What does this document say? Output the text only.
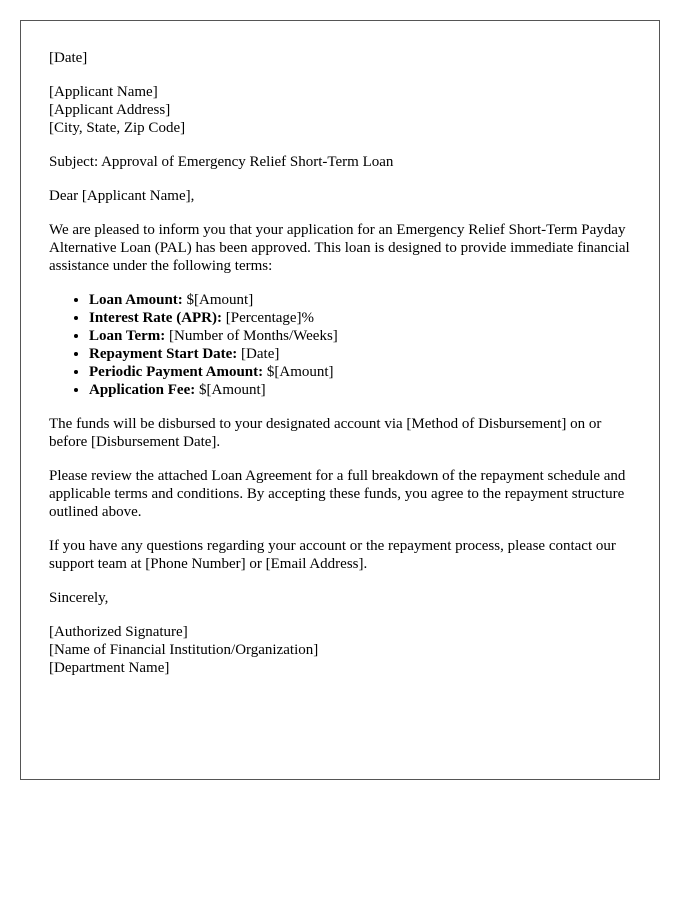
[Date]
[Applicant Name]
[Applicant Address]
[City, State, Zip Code]

Subject: Approval of Emergency Relief Short-Term Loan

Dear [Applicant Name],

We are pleased to inform you that your application for an Emergency Relief Short-Term Payday Alternative Loan (PAL) has been approved. This loan is designed to provide immediate financial assistance under the following terms:

• Loan Amount: $[Amount]
• Interest Rate (APR): [Percentage]%
• Loan Term: [Number of Months/Weeks]
• Repayment Start Date: [Date]
• Periodic Payment Amount: $[Amount]
• Application Fee: $[Amount]

The funds will be disbursed to your designated account via [Method of Disbursement] on or before [Disbursement Date].

Please review the attached Loan Agreement for a full breakdown of the repayment schedule and applicable terms and conditions. By accepting these funds, you agree to the repayment structure outlined above.

If you have any questions regarding your account or the repayment process, please contact our support team at [Phone Number] or [Email Address].

Sincerely,

[Authorized Signature]
[Name of Financial Institution/Organization]
[Department Name]
